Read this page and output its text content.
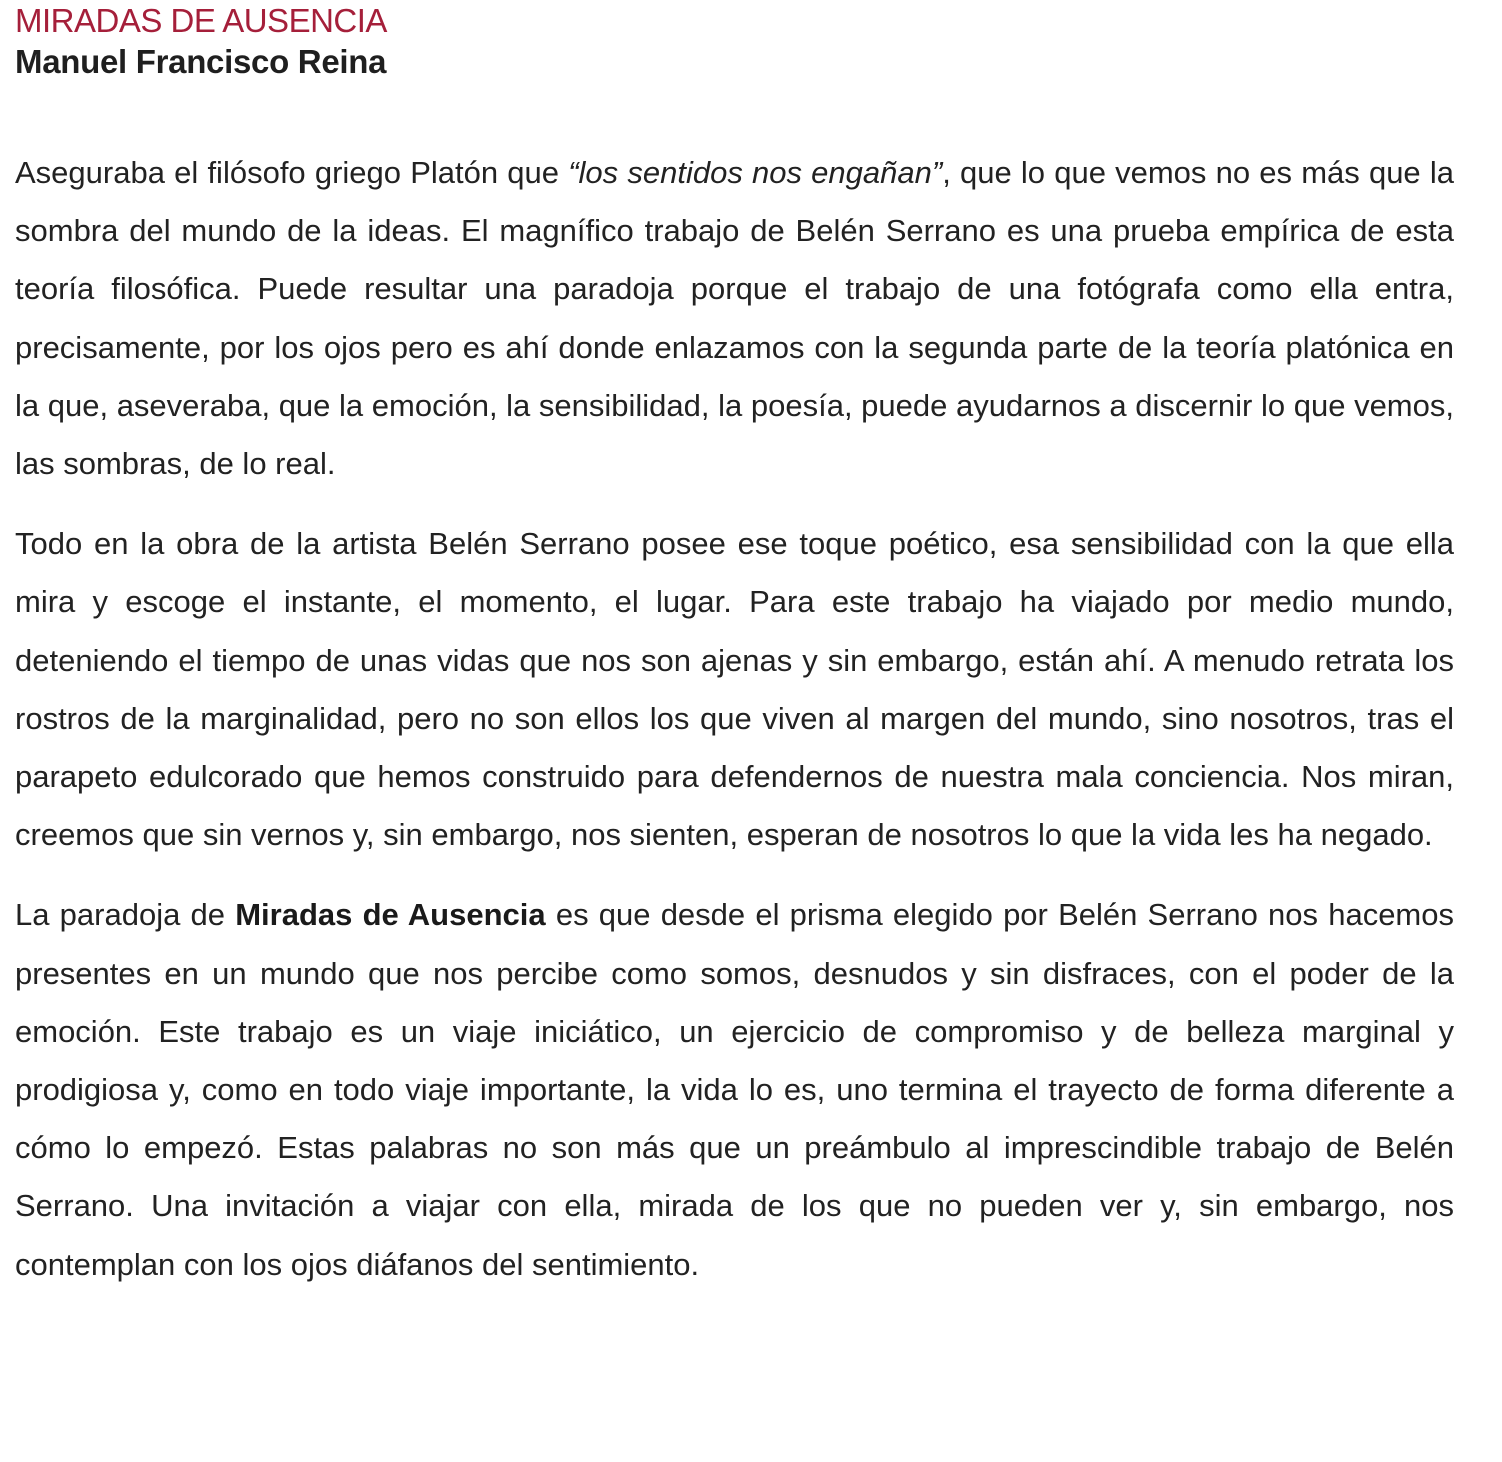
MIRADAS DE AUSENCIA
Manuel Francisco Reina

Aseguraba el filósofo griego Platón que “los sentidos nos engañan”, que lo que vemos no es más que la sombra del mundo de la ideas. El magnífico trabajo de Belén Serrano es una prueba empírica de esta teoría filosófica. Puede resultar una paradoja porque el trabajo de una fotógrafa como ella entra, precisamente, por los ojos pero es ahí donde enlazamos con la segunda parte de la teoría platónica en la que, aseveraba, que la emoción, la sensibilidad, la poesía, puede ayudarnos a discernir lo que vemos, las sombras, de lo real.

Todo en la obra de la artista Belén Serrano posee ese toque poético, esa sensibilidad con la que ella mira y escoge el instante, el momento, el lugar. Para este trabajo ha viajado por medio mundo, deteniendo el tiempo de unas vidas que nos son ajenas y sin embargo, están ahí. A menudo retrata los rostros de la marginalidad, pero no son ellos los que viven al margen del mundo, sino nosotros, tras el parapeto edulcorado que hemos construido para defendernos de nuestra mala conciencia. Nos miran, creemos que sin vernos y, sin embargo, nos sienten, esperan de nosotros lo que la vida les ha negado.

La paradoja de Miradas de Ausencia es que desde el prisma elegido por Belén Serrano nos hacemos presentes en un mundo que nos percibe como somos, desnudos y sin disfraces, con el poder de la emoción. Este trabajo es un viaje iniciático, un ejercicio de compromiso y de belleza marginal y prodigiosa y, como en todo viaje importante, la vida lo es, uno termina el trayecto de forma diferente a cómo lo empezó. Estas palabras no son más que un preámbulo al imprescindible trabajo de Belén Serrano. Una invitación a viajar con ella, mirada de los que no pueden ver y, sin embargo, nos contemplan con los ojos diáfanos del sentimiento.
